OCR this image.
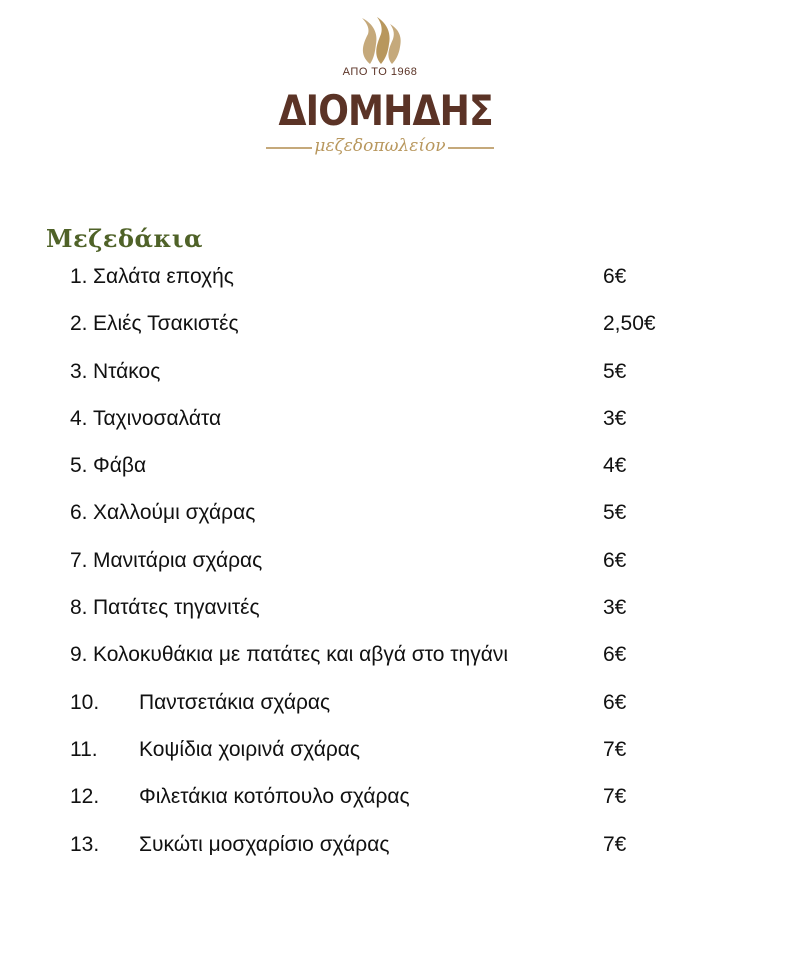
ΑΠΟ ΤΟ 1968
ΔΙΟΜΗΔΗΣ
μεζεδοπωλείον
Μεζεδάκια
1. Σαλάτα εποχής	6€
2. Ελιές Τσακιστές	2,50€
3. Ντάκος	5€
4. Ταχινοσαλάτα	3€
5. Φάβα	4€
6. Χαλλούμι σχάρας	5€
7. Μανιτάρια σχάρας	6€
8. Πατάτες τηγανιτές	3€
9. Κολοκυθάκια με πατάτες και αβγά στο τηγάνι	6€
10. Παντσετάκια σχάρας	6€
11. Κοψίδια χοιρινά σχάρας	7€
12. Φιλετάκια κοτόπουλο σχάρας	7€
13. Συκώτι μοσχαρίσιο σχάρας	7€
